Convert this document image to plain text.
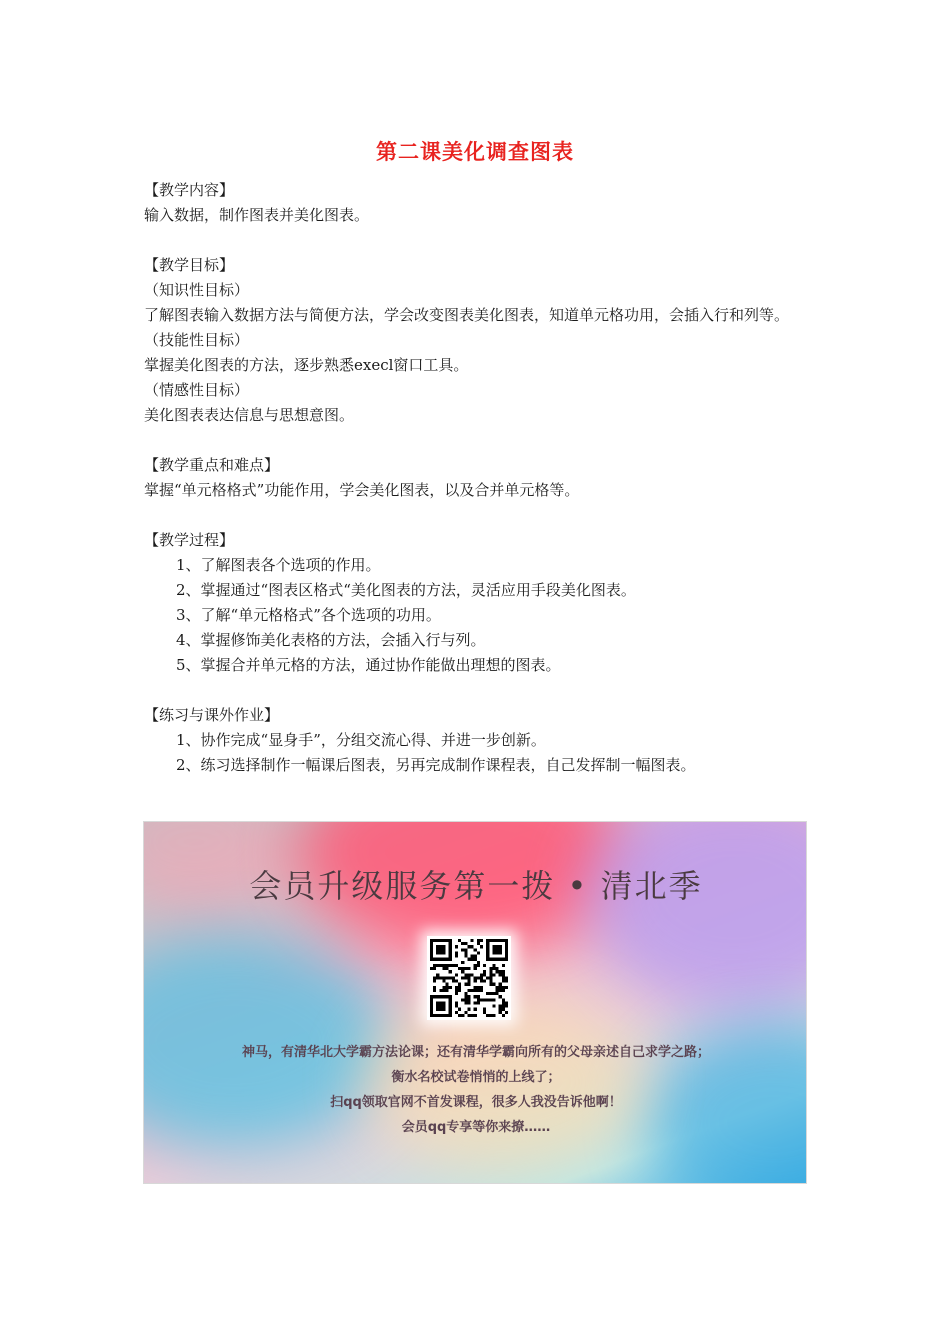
第二课美化调查图表

【教学内容】

输入数据，制作图表并美化图表。

【教学目标】

（知识性目标）

了解图表输入数据方法与简便方法，学会改变图表美化图表，知道单元格功用，会插入行和列等。

（技能性目标）

掌握美化图表的方法，逐步熟悉execl窗口工具。

（情感性目标）

美化图表表达信息与思想意图。

【教学重点和难点】

掌握“单元格格式”功能作用，学会美化图表，以及合并单元格等。

【教学过程】

1、了解图表各个选项的作用。

2、掌握通过“图表区格式“美化图表的方法，灵活应用手段美化图表。

3、了解“单元格格式”各个选项的功用。

4、掌握修饰美化表格的方法，会插入行与列。

5、掌握合并单元格的方法，通过协作能做出理想的图表。

【练习与课外作业】

1、协作完成“显身手”，分组交流心得、并进一步创新。

2、练习选择制作一幅课后图表，另再完成制作课程表，自己发挥制一幅图表。

会员升级服务第一拨 • 清北季
神马，有清华北大学霸方法论课；还有清华学霸向所有的父母亲述自己求学之路；
衡水名校试卷悄悄的上线了；
扫qq领取官网不首发课程，很多人我没告诉他啊！
会员qq专享等你来撩……
